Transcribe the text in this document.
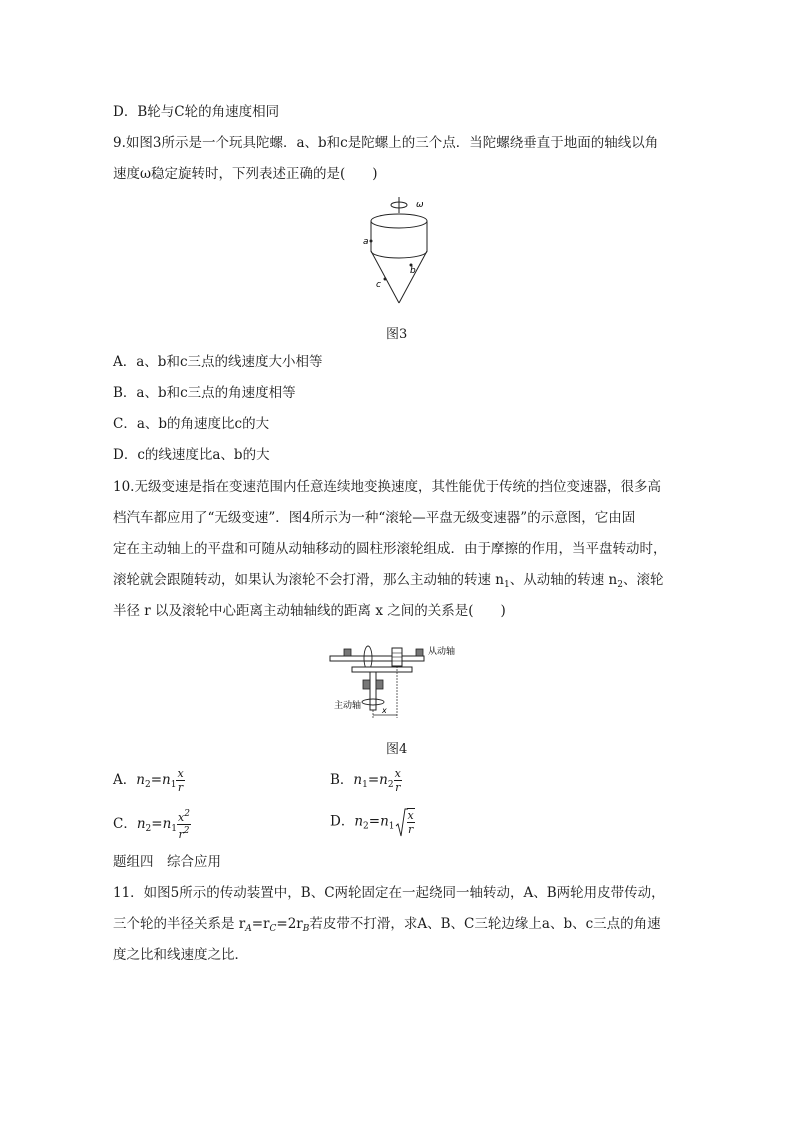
D．B轮与C轮的角速度相同
9.如图3所示是一个玩具陀螺．a、b和c是陀螺上的三个点．当陀螺绕垂直于地面的轴线以角
速度ω稳定旋转时，下列表述正确的是(　　)
ω
a
b
c
图3
A．a、b和c三点的线速度大小相等
B．a、b和c三点的角速度相等
C．a、b的角速度比c的大
D．c的线速度比a、b的大
10.无级变速是指在变速范围内任意连续地变换速度，其性能优于传统的挡位变速器，很多高
档汽车都应用了“无级变速”．图4所示为一种“滚轮—平盘无级变速器”的示意图，它由固
定在主动轴上的平盘和可随从动轴移动的圆柱形滚轮组成．由于摩擦的作用，当平盘转动时，
滚轮就会跟随转动，如果认为滚轮不会打滑，那么主动轴的转速 $n_1$、从动轴的转速 $n_2$、滚轮
半径 r 以及滚轮中心距离主动轴轴线的距离 x 之间的关系是(　　)
从动轴
主动轴	x
图4
A．$n_2=n_1 \frac{x}{r}$	B．$n_1=n_2 \frac{x}{r}$
C．$n_2=n_1 \frac{x^2}{r^2}$	D．$n_2=n_1 \frac{x}{r}$
题组四　综合应用
11．如图5所示的传动装置中，B、C两轮固定在一起绕同一轴转动，A、B两轮用皮带传动，
三个轮的半径关系是 $r_A=r_C=2r_B$若皮带不打滑，求A、B、C三轮边缘上a、b、c三点的角速
度之比和线速度之比．
